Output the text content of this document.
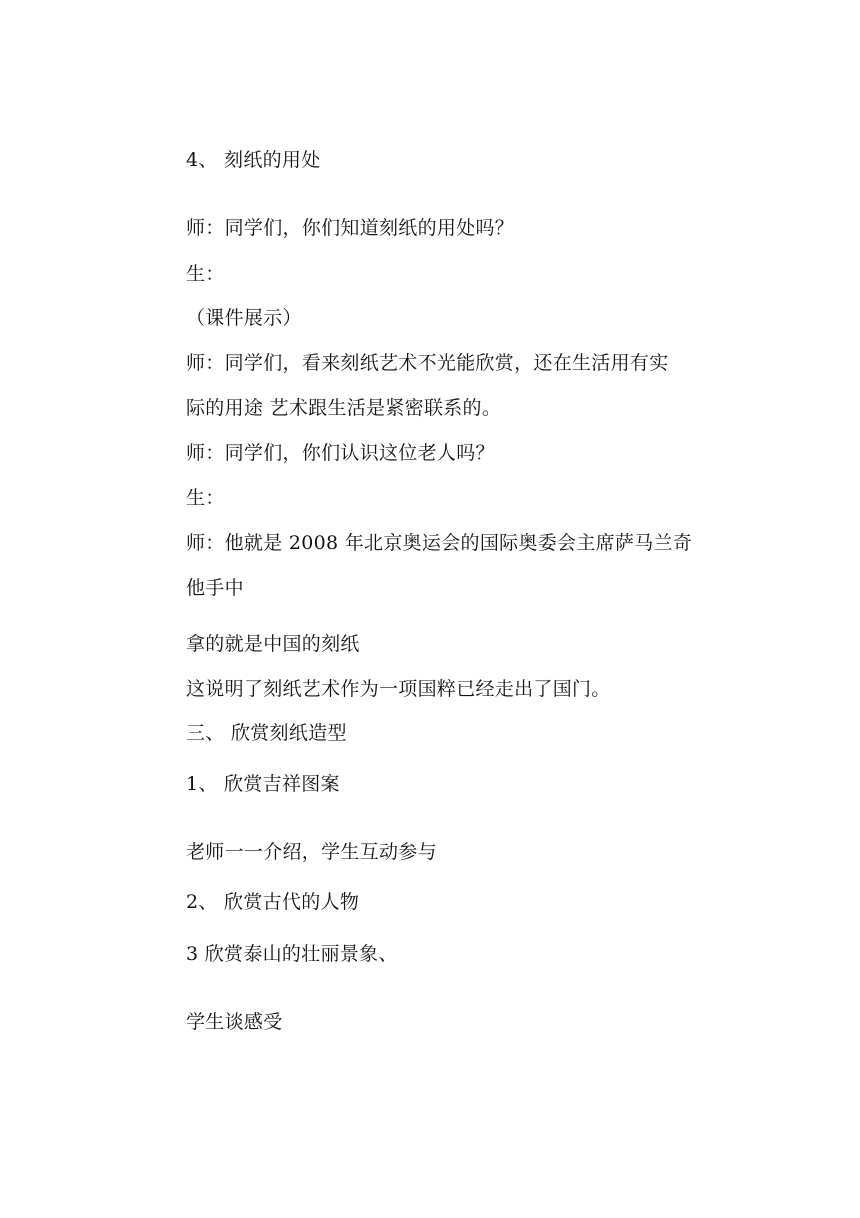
4、 刻纸的用处
师：同学们，你们知道刻纸的用处吗？
生：
（课件展示）
师：同学们，看来刻纸艺术不光能欣赏，还在生活用有实
际的用途 艺术跟生活是紧密联系的。
师：同学们，你们认识这位老人吗？
生：
师：他就是 2008 年北京奥运会的国际奥委会主席萨马兰奇
他手中
拿的就是中国的刻纸
这说明了刻纸艺术作为一项国粹已经走出了国门。
三、 欣赏刻纸造型
1、 欣赏吉祥图案
老师一一介绍，学生互动参与
2、 欣赏古代的人物
3 欣赏泰山的壮丽景象、
学生谈感受
